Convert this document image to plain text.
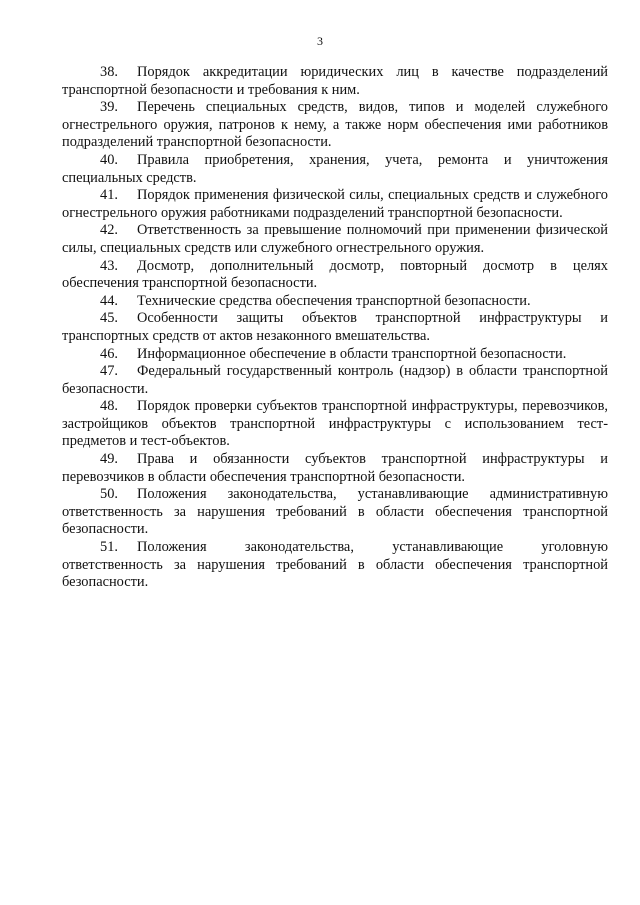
3

38. Порядок аккредитации юридических лиц в качестве подразделений транспортной безопасности и требования к ним.

39. Перечень специальных средств, видов, типов и моделей служебного огнестрельного оружия, патронов к нему, а также норм обеспечения ими работников подразделений транспортной безопасности.

40. Правила приобретения, хранения, учета, ремонта и уничтожения специальных средств.

41. Порядок применения физической силы, специальных средств и служебного огнестрельного оружия работниками подразделений транспортной безопасности.

42. Ответственность за превышение полномочий при применении физической силы, специальных средств или служебного огнестрельного оружия.

43. Досмотр, дополнительный досмотр, повторный досмотр в целях обеспечения транспортной безопасности.

44. Технические средства обеспечения транспортной безопасности.

45. Особенности защиты объектов транспортной инфраструктуры и транспортных средств от актов незаконного вмешательства.

46. Информационное обеспечение в области транспортной безопасности.

47. Федеральный государственный контроль (надзор) в области транспортной безопасности.

48. Порядок проверки субъектов транспортной инфраструктуры, перевозчиков, застройщиков объектов транспортной инфраструктуры с использованием тест-предметов и тест-объектов.

49. Права и обязанности субъектов транспортной инфраструктуры и перевозчиков в области обеспечения транспортной безопасности.

50. Положения законодательства, устанавливающие административную ответственность за нарушения требований в области обеспечения транспортной безопасности.

51. Положения законодательства, устанавливающие уголовную ответственность за нарушения требований в области обеспечения транспортной безопасности.
